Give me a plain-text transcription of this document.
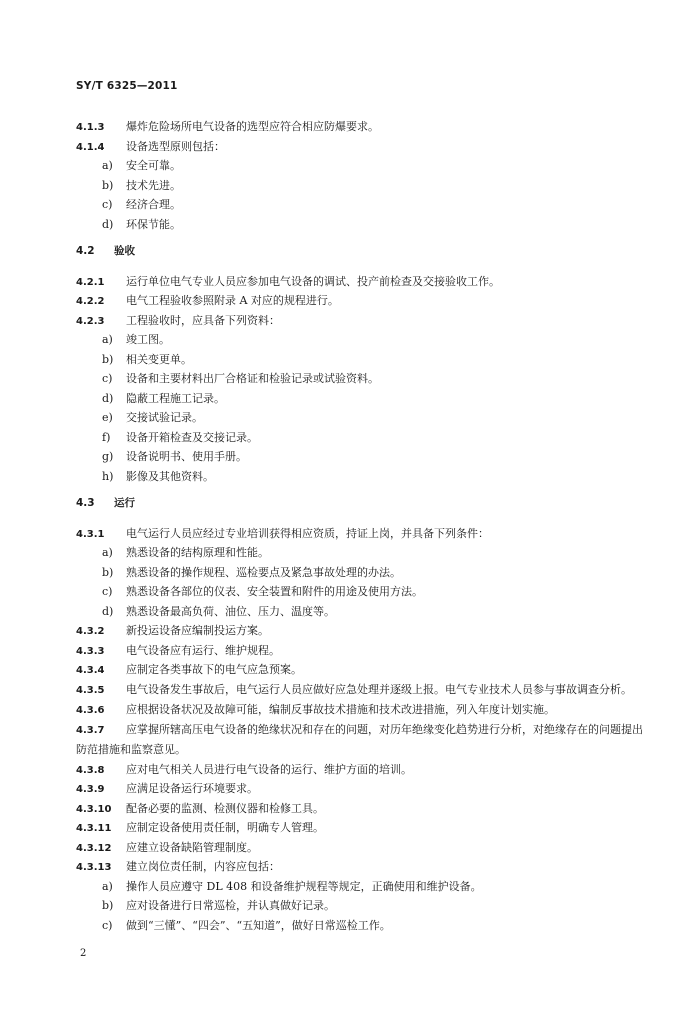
SY/T 6325—2011
4.1.3 爆炸危险场所电气设备的选型应符合相应防爆要求。
4.1.4 设备选型原则包括：
a) 安全可靠。
b) 技术先进。
c) 经济合理。
d) 环保节能。
4.2 验收
4.2.1 运行单位电气专业人员应参加电气设备的调试、投产前检查及交接验收工作。
4.2.2 电气工程验收参照附录 A 对应的规程进行。
4.2.3 工程验收时，应具备下列资料：
a) 竣工图。
b) 相关变更单。
c) 设备和主要材料出厂合格证和检验记录或试验资料。
d) 隐蔽工程施工记录。
e) 交接试验记录。
f) 设备开箱检查及交接记录。
g) 设备说明书、使用手册。
h) 影像及其他资料。
4.3 运行
4.3.1 电气运行人员应经过专业培训获得相应资质，持证上岗，并具备下列条件：
a) 熟悉设备的结构原理和性能。
b) 熟悉设备的操作规程、巡检要点及紧急事故处理的办法。
c) 熟悉设备各部位的仪表、安全装置和附件的用途及使用方法。
d) 熟悉设备最高负荷、油位、压力、温度等。
4.3.2 新投运设备应编制投运方案。
4.3.3 电气设备应有运行、维护规程。
4.3.4 应制定各类事故下的电气应急预案。
4.3.5 电气设备发生事故后，电气运行人员应做好应急处理并逐级上报。电气专业技术人员参与事故调查分析。
4.3.6 应根据设备状况及故障可能，编制反事故技术措施和技术改进措施，列入年度计划实施。
4.3.7 应掌握所辖高压电气设备的绝缘状况和存在的问题，对历年绝缘变化趋势进行分析，对绝缘存在的问题提出防范措施和监察意见。
4.3.8 应对电气相关人员进行电气设备的运行、维护方面的培训。
4.3.9 应满足设备运行环境要求。
4.3.10 配备必要的监测、检测仪器和检修工具。
4.3.11 应制定设备使用责任制，明确专人管理。
4.3.12 应建立设备缺陷管理制度。
4.3.13 建立岗位责任制，内容应包括：
a) 操作人员应遵守 DL 408 和设备维护规程等规定，正确使用和维护设备。
b) 应对设备进行日常巡检，并认真做好记录。
c) 做到“三懂”、“四会”、“五知道”，做好日常巡检工作。
2
